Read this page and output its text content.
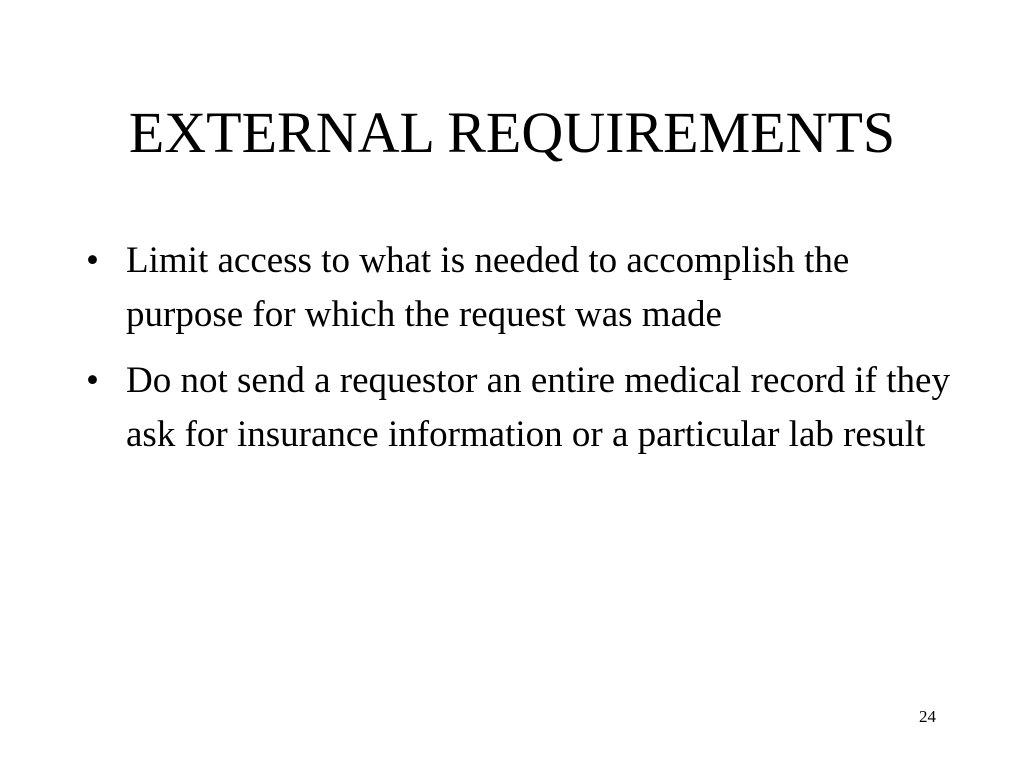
EXTERNAL REQUIREMENTS
• Limit access to what is needed to accomplish the purpose for which the request was made
• Do not send a requestor an entire medical record if they ask for insurance information or a particular lab result
24
